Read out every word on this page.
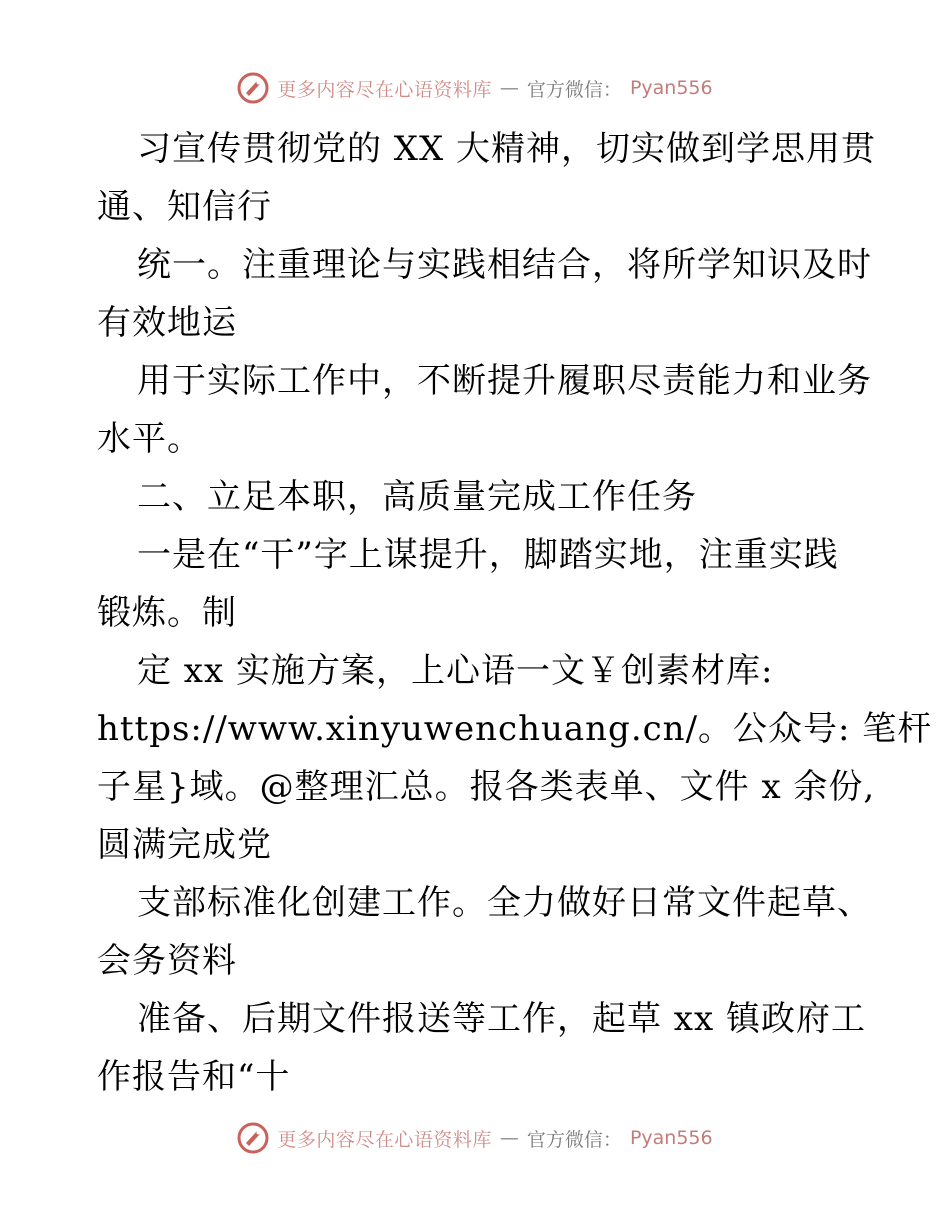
更多内容尽在心语资料库 — 官方微信： Pyan556
习宣传贯彻党的 XX 大精神，切实做到学思用贯
通、知信行
统一。注重理论与实践相结合，将所学知识及时
有效地运
用于实际工作中，不断提升履职尽责能力和业务
水平。
二、立足本职，高质量完成工作任务
一是在“干”字上谋提升，脚踏实地，注重实践
锻炼。制
定 xx 实施方案，上心语一文￥创素材库:
https://www.xinyuwenchuang.cn/。公众号: 笔杆
子星}域。@整理汇总。报各类表单、文件 x 余份,
圆满完成党
支部标准化创建工作。全力做好日常文件起草、
会务资料
准备、后期文件报送等工作，起草 xx 镇政府工
作报告和“十
更多内容尽在心语资料库 — 官方微信： Pyan556
